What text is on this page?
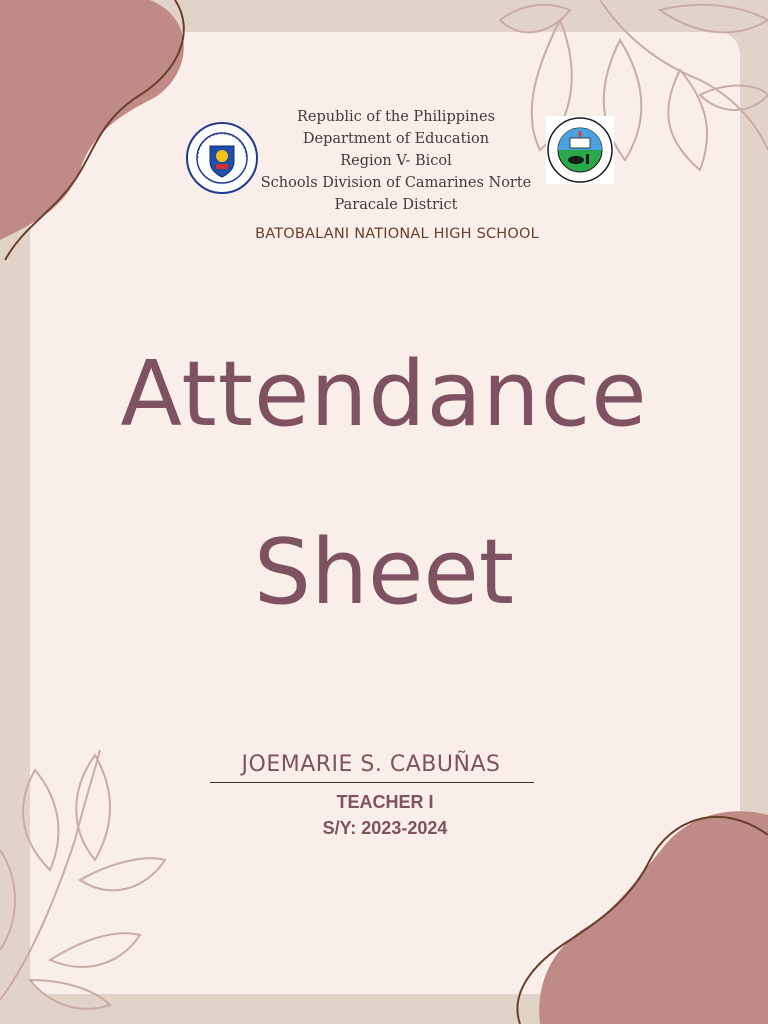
Republic of the Philippines
Department of Education
Region V- Bicol
Schools Division of Camarines Norte
Paracale District
BATOBALANI NATIONAL HIGH SCHOOL
Attendance
Sheet
JOEMARIE S. CABUÑAS
TEACHER I
S/Y: 2023-2024
